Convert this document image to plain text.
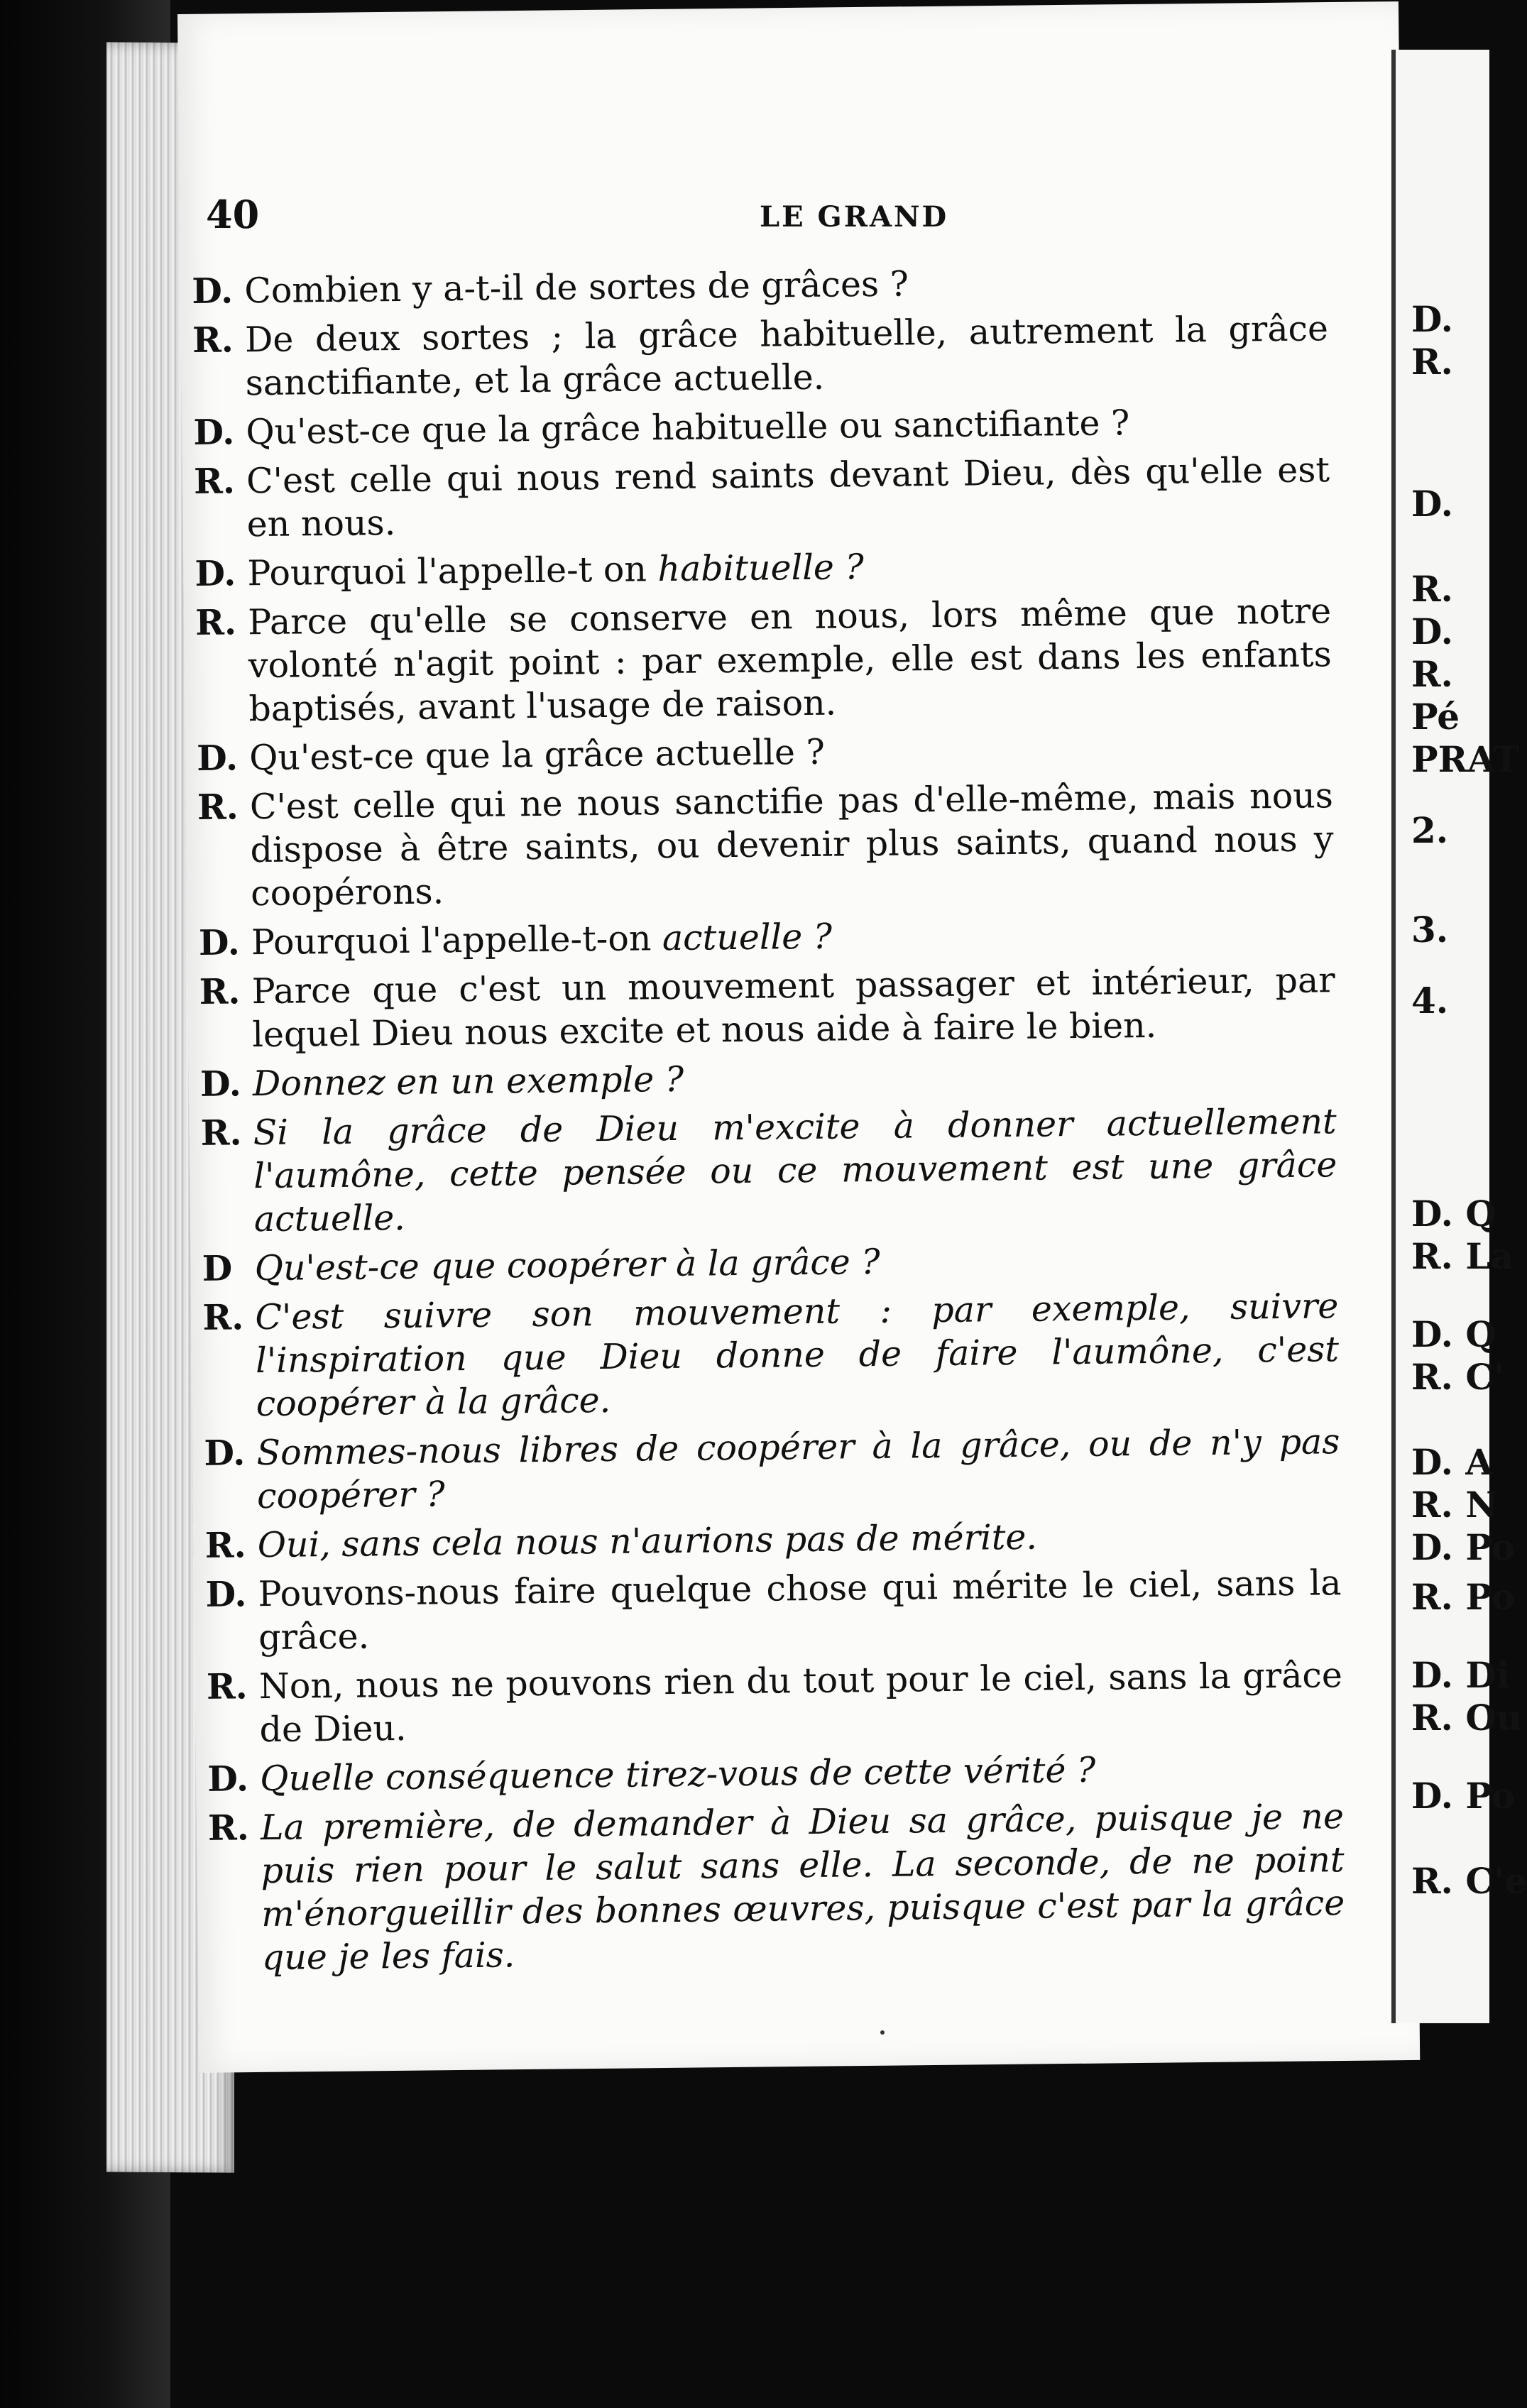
D.
R.
D.
R.
D.
R.
Pé
PRAT
2.
3.
4.
D. Q
R. La
D. Q
R. C'
D. A
R. N
D. Po
R. Po
D. Di
R. Ou
D. Po
R. C'e
40	LE GRAND
D. Combien y a-t-il de sortes de grâces ?
R. De deux sortes ; la grâce habituelle, autrement la grâce sanctifiante, et la grâce actuelle.
D. Qu'est-ce que la grâce habituelle ou sanctifiante ?
R. C'est celle qui nous rend saints devant Dieu, dès qu'elle est en nous.
D. Pourquoi l'appelle-t on habituelle ?
R. Parce qu'elle se conserve en nous, lors même que notre volonté n'agit point : par exemple, elle est dans les enfants baptisés, avant l'usage de raison.
D. Qu'est-ce que la grâce actuelle ?
R. C'est celle qui ne nous sanctifie pas d'elle-même, mais nous dispose à être saints, ou devenir plus saints, quand nous y coopérons.
D. Pourquoi l'appelle-t-on actuelle ?
R. Parce que c'est un mouvement passager et intérieur, par lequel Dieu nous excite et nous aide à faire le bien.
D. Donnez en un exemple ?
R. Si la grâce de Dieu m'excite à donner actuellement l'aumône, cette pensée ou ce mouvement est une grâce actuelle.
D Qu'est-ce que coopérer à la grâce ?
R. C'est suivre son mouvement : par exemple, suivre l'inspiration que Dieu donne de faire l'aumône, c'est coopérer à la grâce.
D. Sommes-nous libres de coopérer à la grâce, ou de n'y pas coopérer ?
R. Oui, sans cela nous n'aurions pas de mérite.
D. Pouvons-nous faire quelque chose qui mérite le ciel, sans la grâce.
R. Non, nous ne pouvons rien du tout pour le ciel, sans la grâce de Dieu.
D. Quelle conséquence tirez-vous de cette vérité ?
R. La première, de demander à Dieu sa grâce, puisque je ne puis rien pour le salut sans elle. La seconde, de ne point m'énorgueillir des bonnes œuvres, puisque c'est par la grâce que je les fais.
